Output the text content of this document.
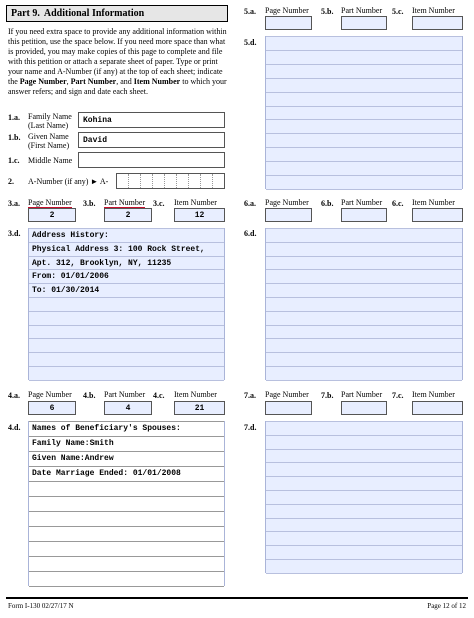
Part 9. Additional Information
If you need extra space to provide any additional information within this petition, use the space below. If you need more space than what is provided, you may make copies of this page to complete and file with this petition or attach a separate sheet of paper. Type or print your name and A-Number (if any) at the top of each sheet; indicate the Page Number, Part Number, and Item Number to which your answer refers; and sign and date each sheet.
1.a. Family Name
(Last Name)
Kohina
1.b. Given Name
(First Name)
David
1.c. Middle Name
2. A-Number (if any) ► A-
3.a. Page Number 3.b. Part Number 3.c. Item Number
2	2	12
3.d. Address History:
Physical Address 3: 100 Rock Street,
Apt. 312, Brooklyn, NY, 11235
From: 01/01/2006
To: 01/30/2014
4.a. Page Number 4.b. Part Number 4.c. Item Number
6	4	21
4.d. Names of Beneficiary's Spouses:
Family Name:Smith
Given Name:Andrew
Date Marriage Ended: 01/01/2008
5.a. Page Number 5.b. Part Number 5.c. Item Number
5.d.
6.a. Page Number 6.b. Part Number 6.c. Item Number
6.d.
7.a. Page Number 7.b. Part Number 7.c. Item Number
7.d.
Form I-130 02/27/17 N	Page 12 of 12
